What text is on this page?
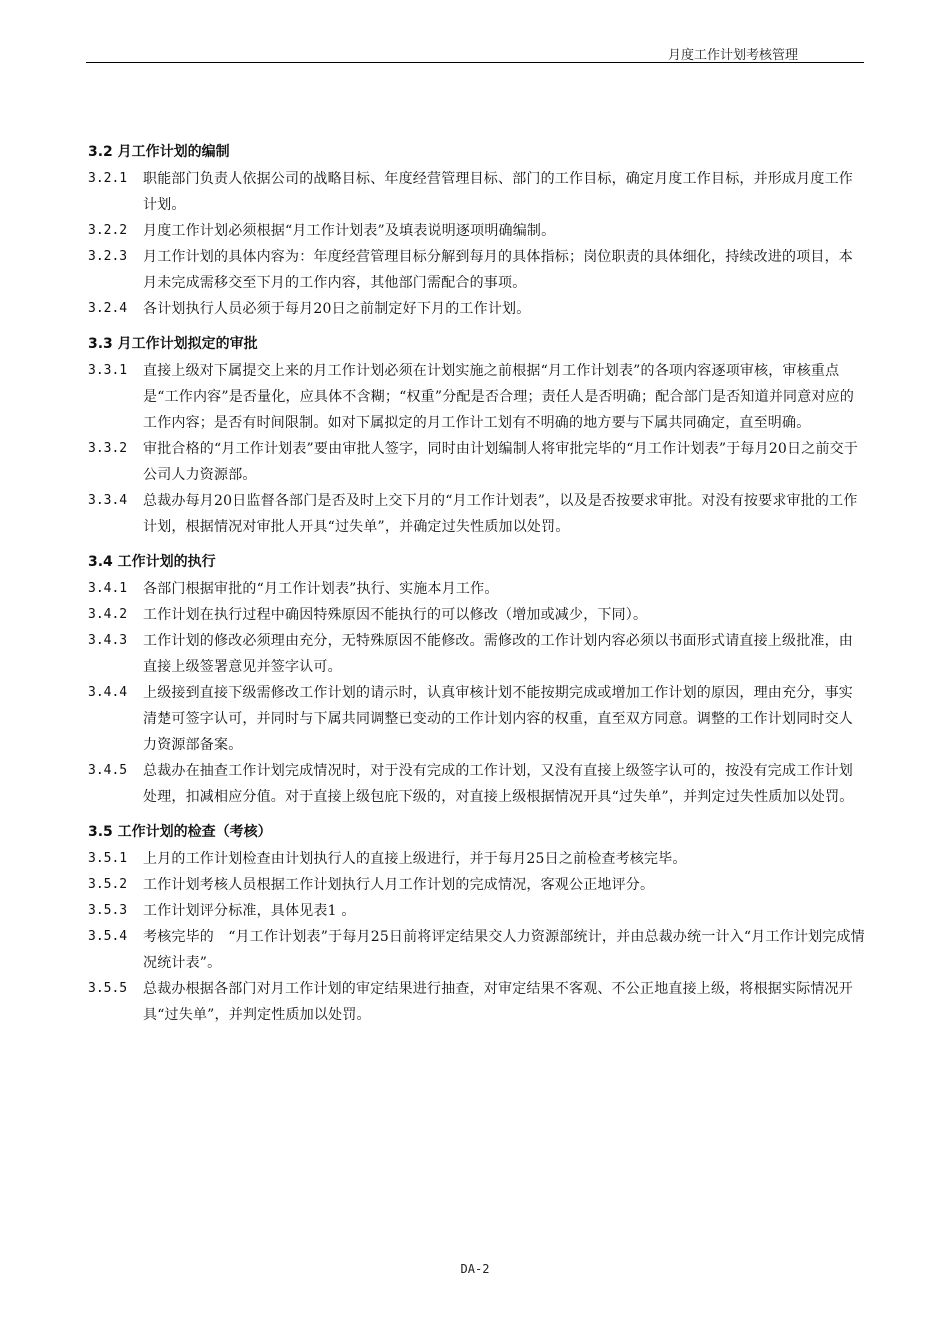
月度工作计划考核管理
3.2 月工作计划的编制
3.2.1	职能部门负责人依据公司的战略目标、年度经营管理目标、部门的工作目标，确定月度工作目标，并形成月度工作计划。
3.2.2	月度工作计划必须根据“月工作计划表”及填表说明逐项明确编制。
3.2.3	月工作计划的具体内容为：年度经营管理目标分解到每月的具体指标；岗位职责的具体细化，持续改进的项目，本月未完成需移交至下月的工作内容，其他部门需配合的事项。
3.2.4	各计划执行人员必须于每月20日之前制定好下月的工作计划。
3.3 月工作计划拟定的审批
3.3.1	直接上级对下属提交上来的月工作计划必须在计划实施之前根据“月工作计划表”的各项内容逐项审核，审核重点是“工作内容”是否量化，应具体不含糊；“权重”分配是否合理；责任人是否明确；配合部门是否知道并同意对应的工作内容；是否有时间限制。如对下属拟定的月工作计工划有不明确的地方要与下属共同确定，直至明确。
3.3.2	审批合格的“月工作计划表”要由审批人签字，同时由计划编制人将审批完毕的“月工作计划表”于每月20日之前交于公司人力资源部。
3.3.4	总裁办每月20日监督各部门是否及时上交下月的“月工作计划表”，以及是否按要求审批。对没有按要求审批的工作计划，根据情况对审批人开具“过失单”，并确定过失性质加以处罚。
3.4 工作计划的执行
3.4.1	各部门根据审批的“月工作计划表”执行、实施本月工作。
3.4.2	工作计划在执行过程中确因特殊原因不能执行的可以修改（增加或减少，下同）。
3.4.3	工作计划的修改必须理由充分，无特殊原因不能修改。需修改的工作计划内容必须以书面形式请直接上级批准，由直接上级签署意见并签字认可。
3.4.4	上级接到直接下级需修改工作计划的请示时，认真审核计划不能按期完成或增加工作计划的原因，理由充分，事实清楚可签字认可，并同时与下属共同调整已变动的工作计划内容的权重，直至双方同意。调整的工作计划同时交人力资源部备案。
3.4.5	总裁办在抽查工作计划完成情况时，对于没有完成的工作计划，又没有直接上级签字认可的，按没有完成工作计划处理，扣减相应分值。对于直接上级包庇下级的，对直接上级根据情况开具“过失单”，并判定过失性质加以处罚。
3.5 工作计划的检查（考核）
3.5.1	上月的工作计划检查由计划执行人的直接上级进行，并于每月25日之前检查考核完毕。
3.5.2	工作计划考核人员根据工作计划执行人月工作计划的完成情况，客观公正地评分。
3.5.3	工作计划评分标准，具体见表1 。
3.5.4	考核完毕的　“月工作计划表”于每月25日前将评定结果交人力资源部统计，并由总裁办统一计入“月工作计划完成情况统计表”。
3.5.5	总裁办根据各部门对月工作计划的审定结果进行抽查，对审定结果不客观、不公正地直接上级，将根据实际情况开具“过失单”，并判定性质加以处罚。
DA-2
